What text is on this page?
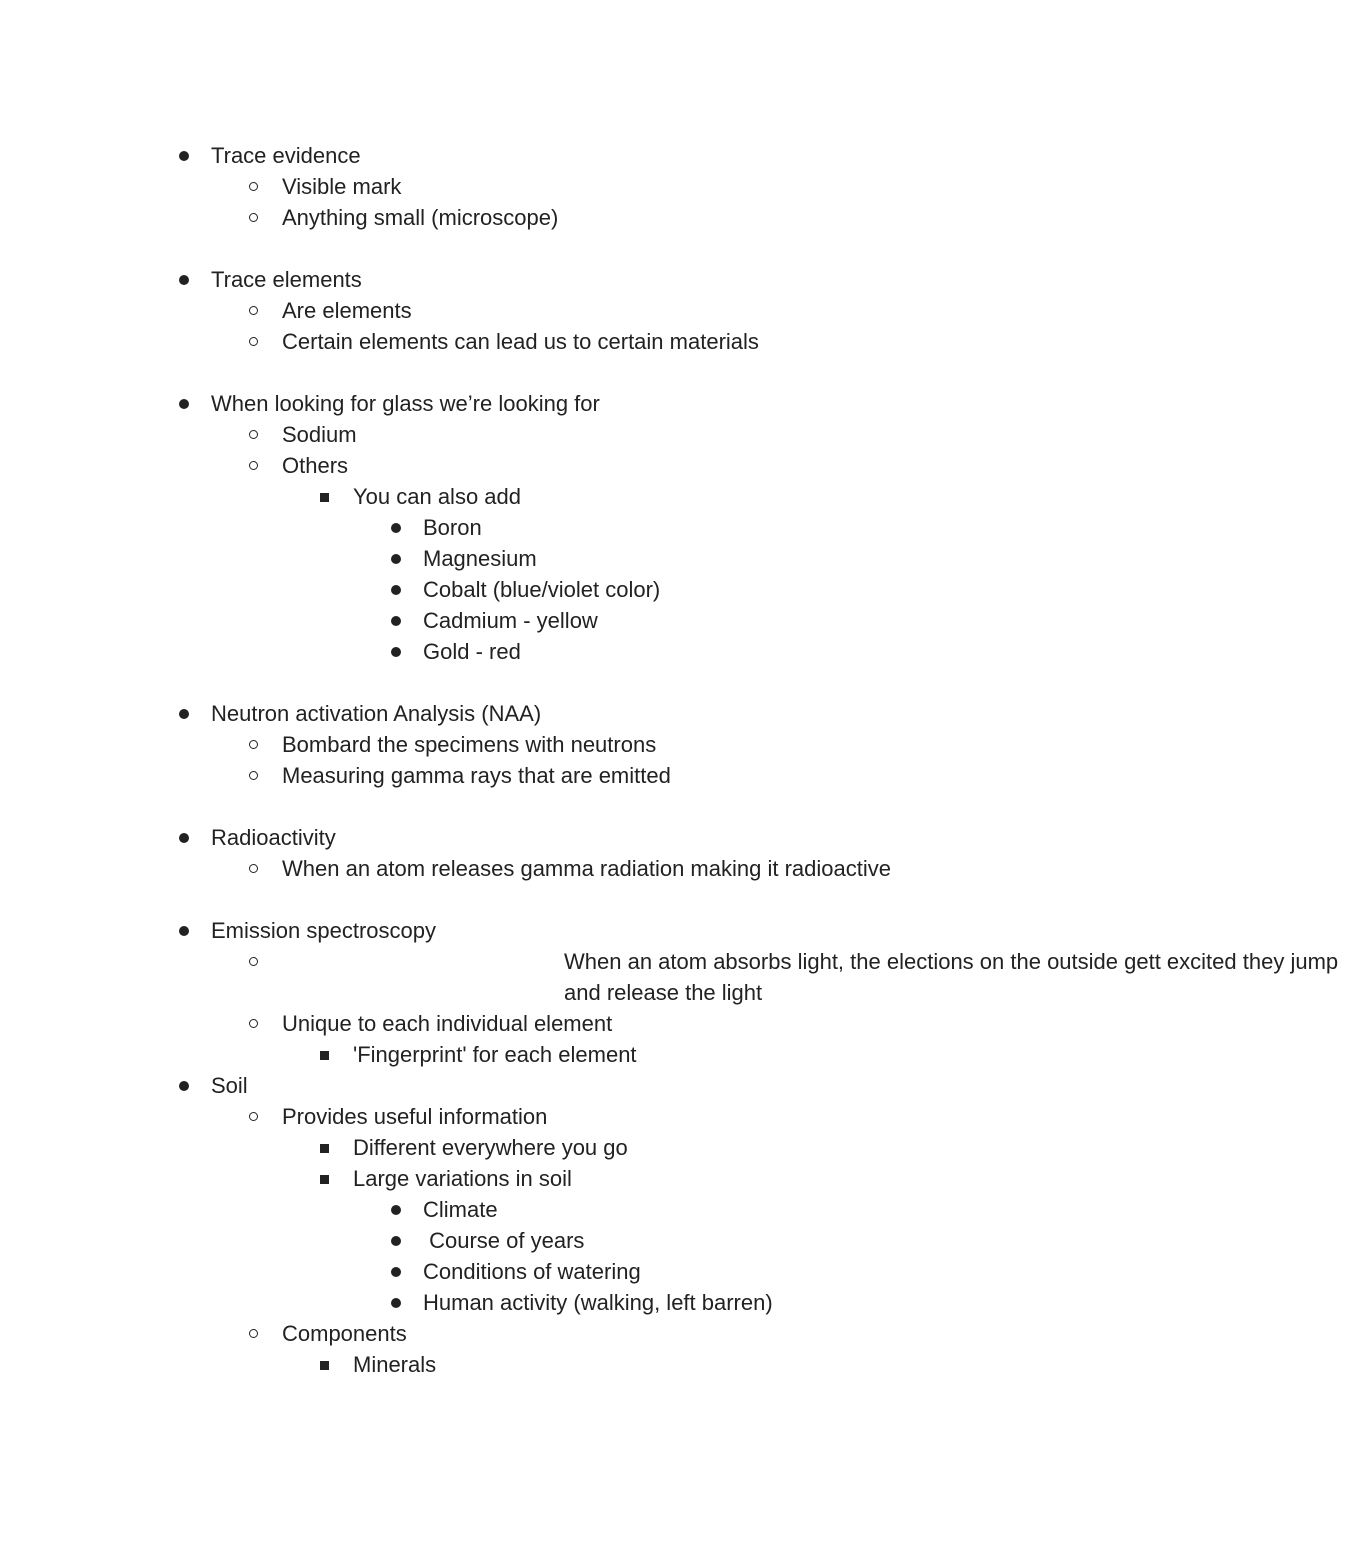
Trace evidence
Visible mark
Anything small (microscope)
Trace elements
Are elements
Certain elements can lead us to certain materials
When looking for glass we’re looking for
Sodium
Others
You can also add
Boron
Magnesium
Cobalt (blue/violet color)
Cadmium - yellow
Gold - red
Neutron activation Analysis (NAA)
Bombard the specimens with neutrons
Measuring gamma rays that are emitted
Radioactivity
When an atom releases gamma radiation making it radioactive
Emission spectroscopy
When an atom absorbs light, the elections on the outside gett excited they jump and release the light
Unique to each individual element
'Fingerprint' for each element
Soil
Provides useful information
Different everywhere you go
Large variations in soil
Climate
Course of years
Conditions of watering
Human activity (walking, left barren)
Components
Minerals
